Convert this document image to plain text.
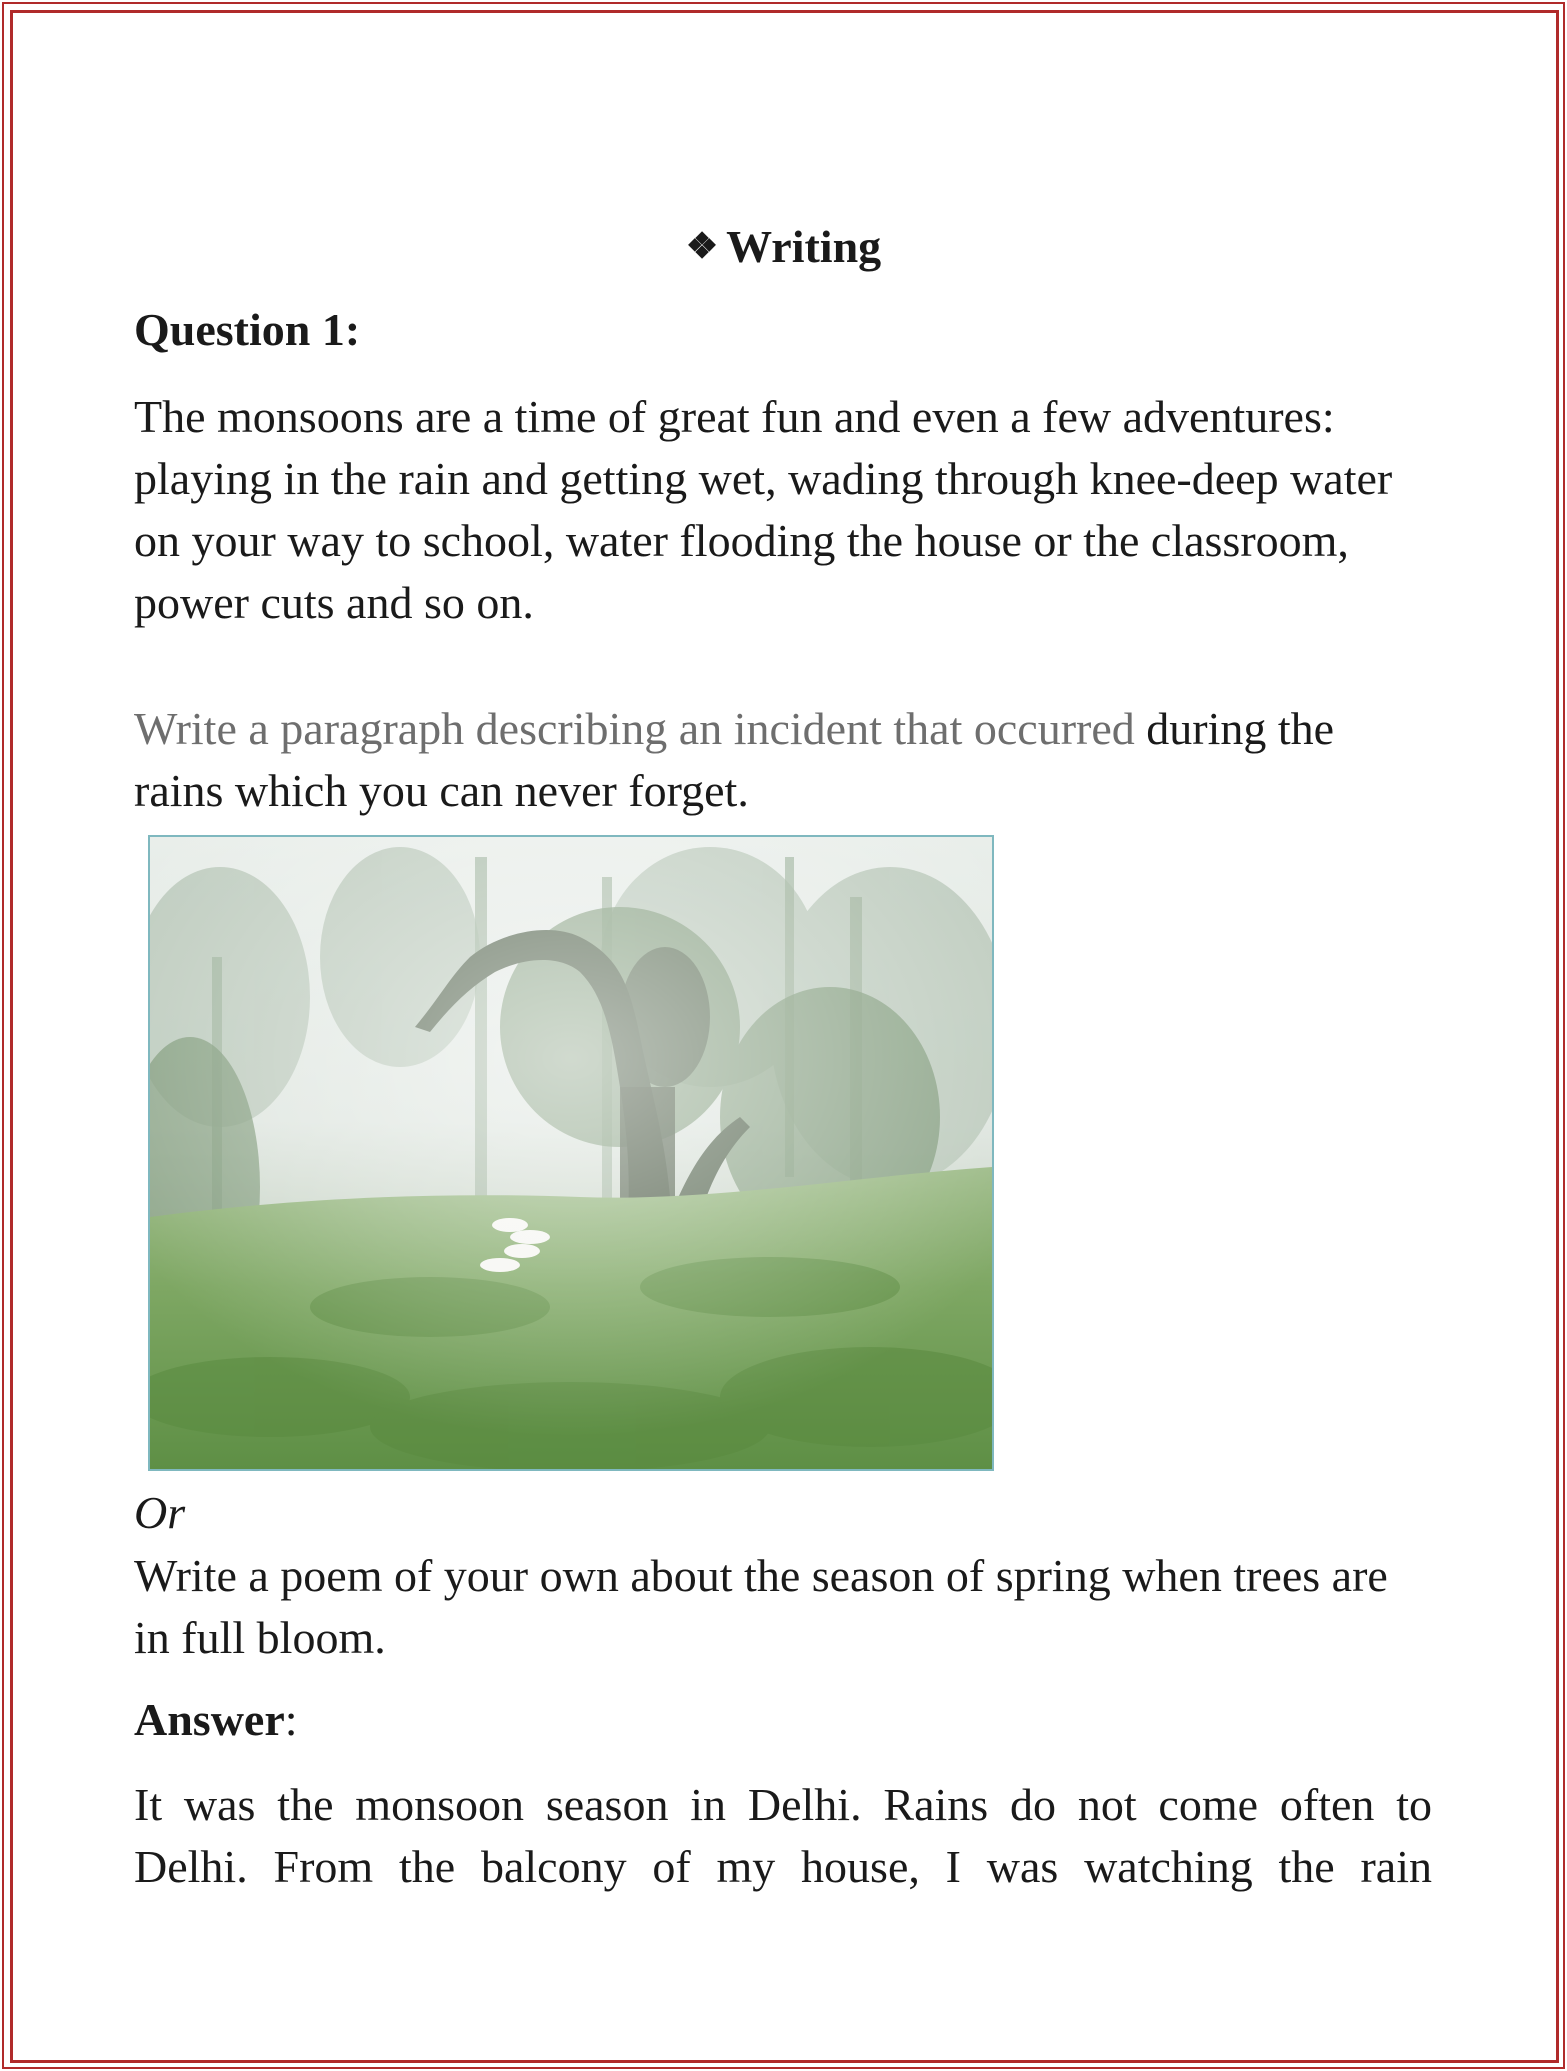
❖ Writing
Question 1:

The monsoons are a time of great fun and even a few adventures: playing in the rain and getting wet, wading through knee-deep water on your way to school, water flooding the house or the classroom, power cuts and so on.

Write a paragraph describing an incident that occurred during the rains which you can never forget.

Or

Write a poem of your own about the season of spring when trees are in full bloom.

Answer:

It was the monsoon season in Delhi. Rains do not come often to Delhi. From the balcony of my house, I was watching the rain
